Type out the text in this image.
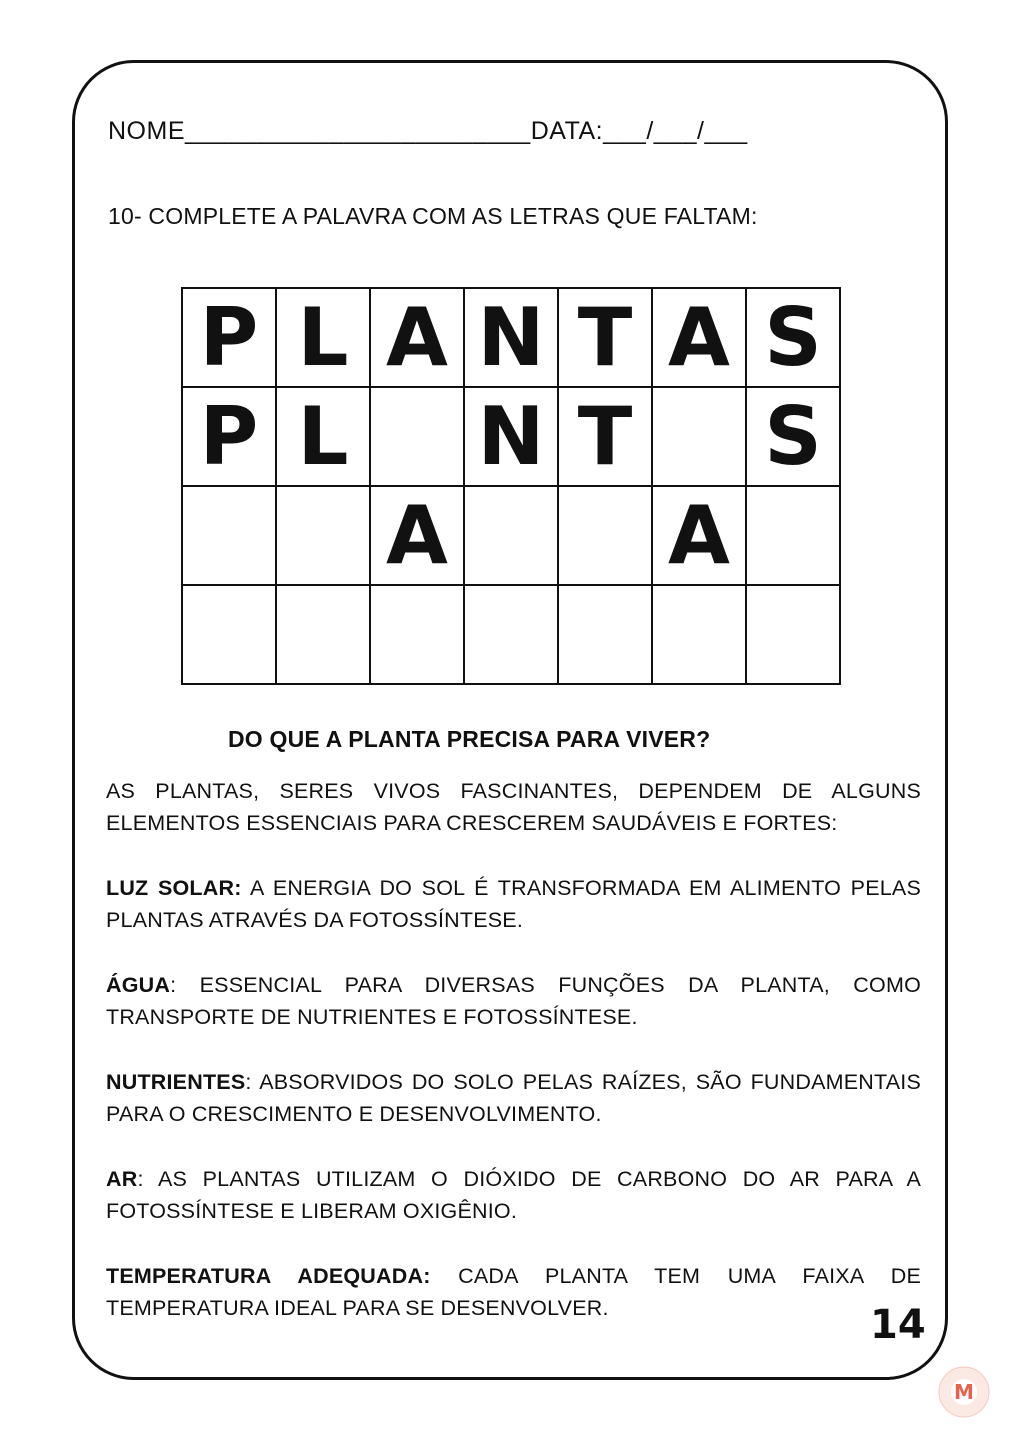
NOME________________________DATA:___/___/___
10- COMPLETE A PALAVRA COM AS LETRAS QUE FALTAM:
P L A N T A S
P L N T S
A	A
DO QUE A PLANTA PRECISA PARA VIVER?

AS PLANTAS, SERES VIVOS FASCINANTES, DEPENDEM DE ALGUNS ELEMENTOS ESSENCIAIS PARA CRESCEREM SAUDÁVEIS E FORTES:

LUZ SOLAR: A ENERGIA DO SOL É TRANSFORMADA EM ALIMENTO PELAS PLANTAS ATRAVÉS DA FOTOSSÍNTESE.

ÁGUA: ESSENCIAL PARA DIVERSAS FUNÇÕES DA PLANTA, COMO TRANSPORTE DE NUTRIENTES E FOTOSSÍNTESE.

NUTRIENTES: ABSORVIDOS DO SOLO PELAS RAÍZES, SÃO FUNDAMENTAIS PARA O CRESCIMENTO E DESENVOLVIMENTO.

AR: AS PLANTAS UTILIZAM O DIÓXIDO DE CARBONO DO AR PARA A FOTOSSÍNTESE E LIBERAM OXIGÊNIO.

TEMPERATURA ADEQUADA: CADA PLANTA TEM UMA FAIXA DE TEMPERATURA IDEAL PARA SE DESENVOLVER.	14
M
